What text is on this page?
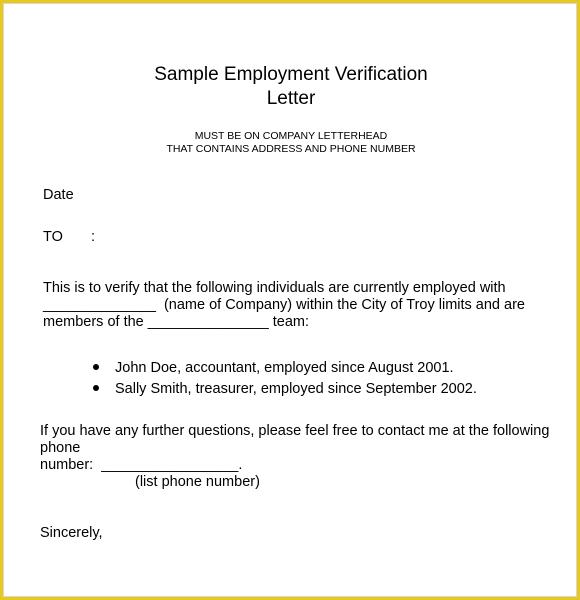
Sample Employment Verification
Letter
MUST BE ON COMPANY LETTERHEAD
THAT CONTAINS ADDRESS AND PHONE NUMBER
Date
TO :
This is to verify that the following individuals are currently employed with
______________  (name of Company) within the City of Troy limits and are
members of the _______________ team:
John Doe, accountant, employed since August 2001.
Sally Smith, treasurer, employed since September 2002.
If you have any further questions, please feel free to contact me at the following
phone
number:  _________________.
(list phone number)
Sincerely,
